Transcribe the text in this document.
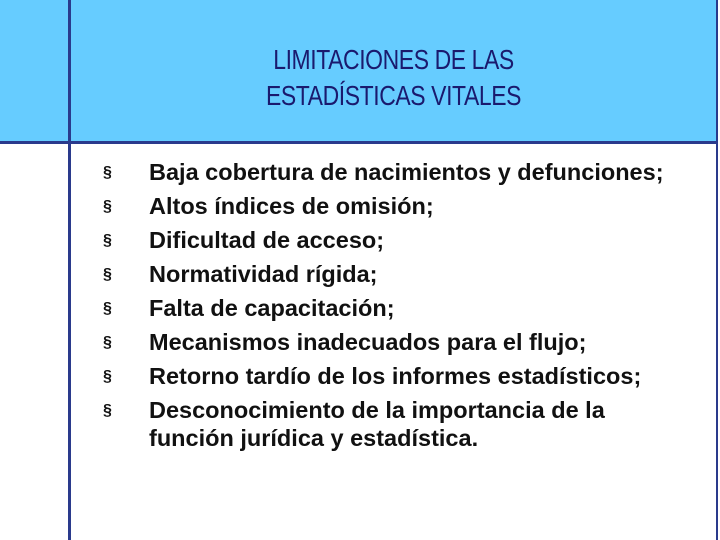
LIMITACIONES DE LAS
ESTADÍSTICAS VITALES
§ Baja cobertura de nacimientos y defunciones;
§ Altos índices de omisión;
§ Dificultad de acceso;
§ Normatividad rígida;
§ Falta de capacitación;
§ Mecanismos inadecuados para el flujo;
§ Retorno tardío de los informes estadísticos;
§ Desconocimiento de la importancia de la función jurídica y estadística.
